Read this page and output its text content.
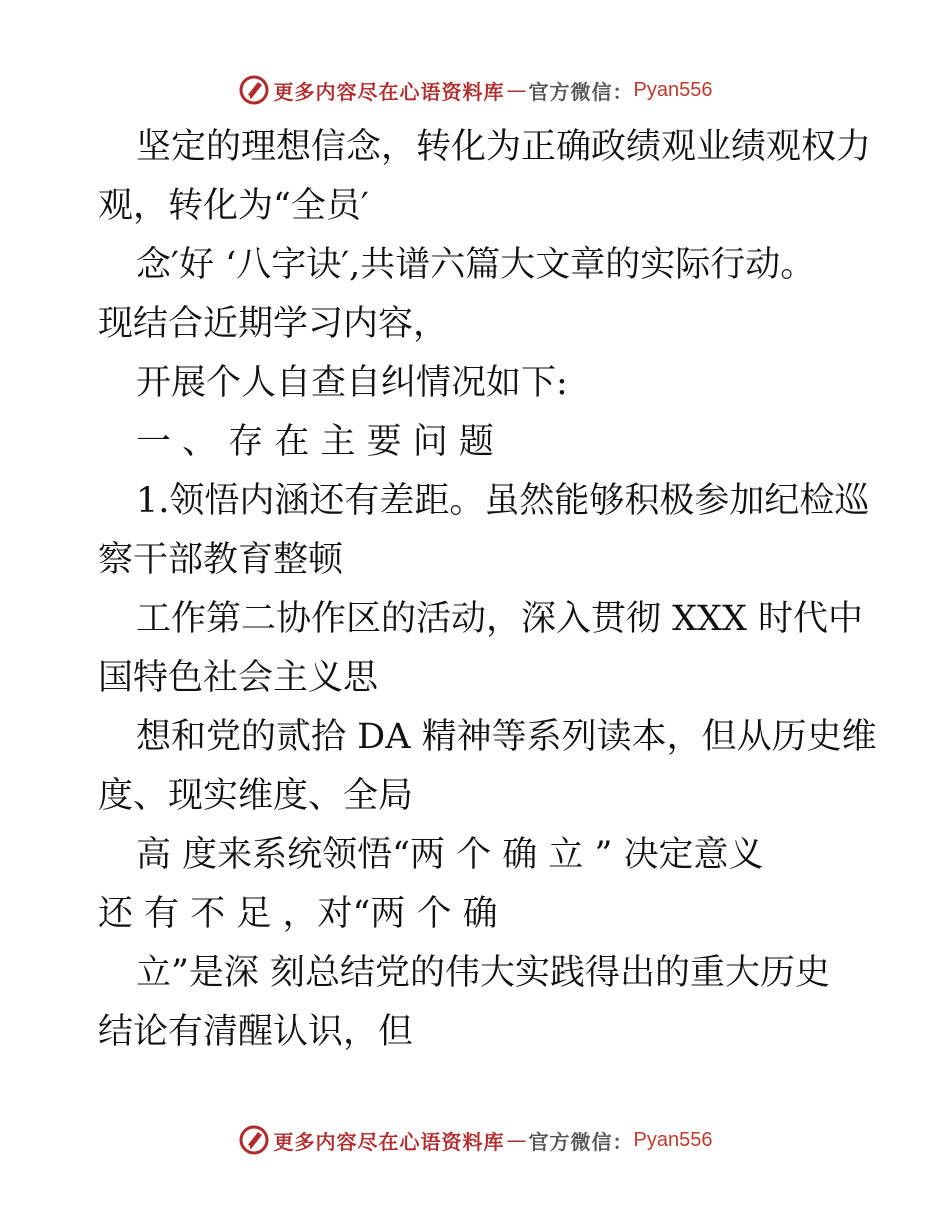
更多内容尽在心语资料库 — 官方微信： Pyan556
坚定的理想信念，转化为正确政绩观业绩观权力
观，转化为“全员′
念′好 ‘八字诀′,共谱六篇大文章的实际行动。
现结合近期学习内容，
开展个人自查自纠情况如下:
一 、 存 在 主 要 问 题
1.领悟内涵还有差距。虽然能够积极参加纪检巡
察干部教育整顿
工作第二协作区的活动，深入贯彻 XXX 时代中
国特色社会主义思
想和党的贰拾 DA 精神等系列读本，但从历史维
度、现实维度、全局
高 度来系统领悟“两 个 确 立 ” 决定意义
还 有 不 足 ，对“两 个 确
立”是深 刻总结党的伟大实践得出的重大历史
结论有清醒认识，但
更多内容尽在心语资料库 — 官方微信： Pyan556
